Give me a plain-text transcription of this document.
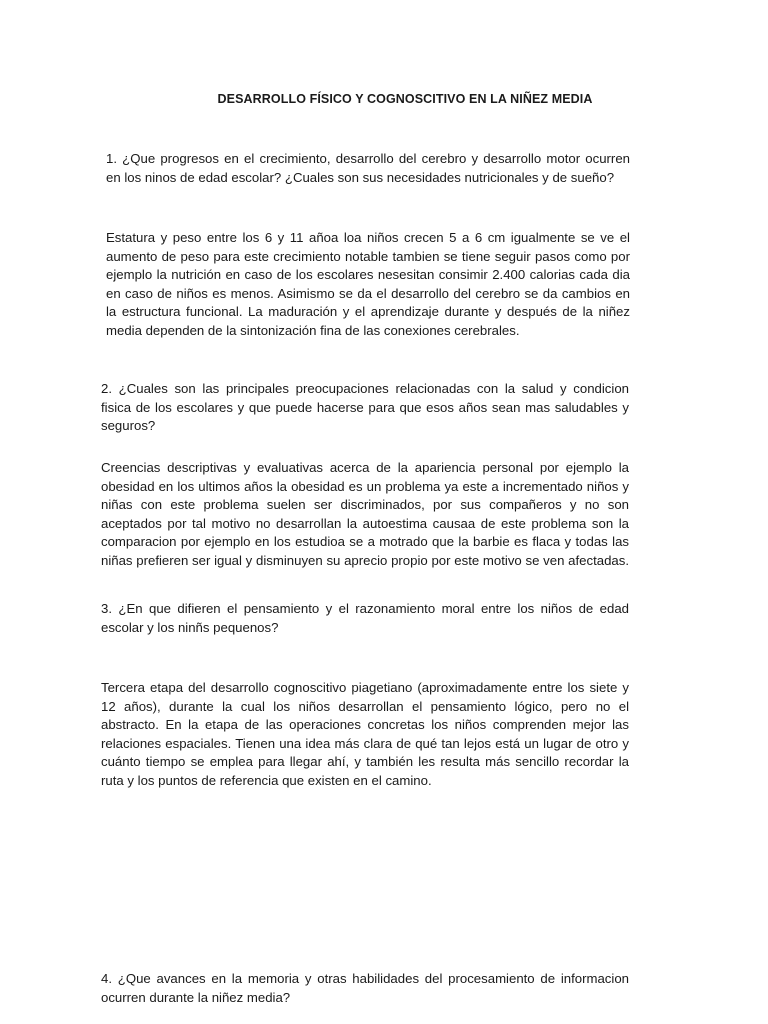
DESARROLLO FÍSICO Y COGNOSCITIVO EN LA NIÑEZ MEDIA

1. ¿Que progresos en el crecimiento, desarrollo del cerebro y desarrollo motor ocurren en los ninos de edad escolar? ¿Cuales son sus necesidades nutricionales y de sueño?

Estatura y peso entre los 6 y 11 añoa loa niños crecen 5 a 6 cm igualmente se ve el aumento de peso para este crecimiento notable tambien se tiene seguir pasos como por ejemplo la nutrición en caso de los escolares nesesitan consimir 2.400 calorias cada dia en caso de niños es menos. Asimismo se da el desarrollo del cerebro se da cambios en la estructura funcional. La maduración y el aprendizaje durante y después de la niñez media dependen de la sintonización fina de las conexiones cerebrales.

2. ¿Cuales son las principales preocupaciones relacionadas con la salud y condicion fisica de los escolares y que puede hacerse para que esos años sean mas saludables y seguros?

Creencias descriptivas y evaluativas acerca de la apariencia personal por ejemplo la obesidad en los ultimos años la obesidad es un problema ya este a incrementado niños y niñas con este problema suelen ser discriminados, por sus compañeros y no son aceptados por tal motivo no desarrollan la autoestima causaa de este problema son la comparacion por ejemplo en los estudioa se a motrado que la barbie es flaca y todas las niñas prefieren ser igual y disminuyen su aprecio propio por este motivo se ven afectadas.

3. ¿En que difieren el pensamiento y el razonamiento moral entre los niños de edad escolar y los ninñs pequenos?

Tercera etapa del desarrollo cognoscitivo piagetiano (aproximadamente entre los siete y 12 años), durante la cual los niños desarrollan el pensamiento lógico, pero no el abstracto. En la etapa de las operaciones concretas los niños comprenden mejor las relaciones espaciales. Tienen una idea más clara de qué tan lejos está un lugar de otro y cuánto tiempo se emplea para llegar ahí, y también les resulta más sencillo recordar la ruta y los puntos de referencia que existen en el camino.

4. ¿Que avances en la memoria y otras habilidades del procesamiento de informacion ocurren durante la niñez media?
